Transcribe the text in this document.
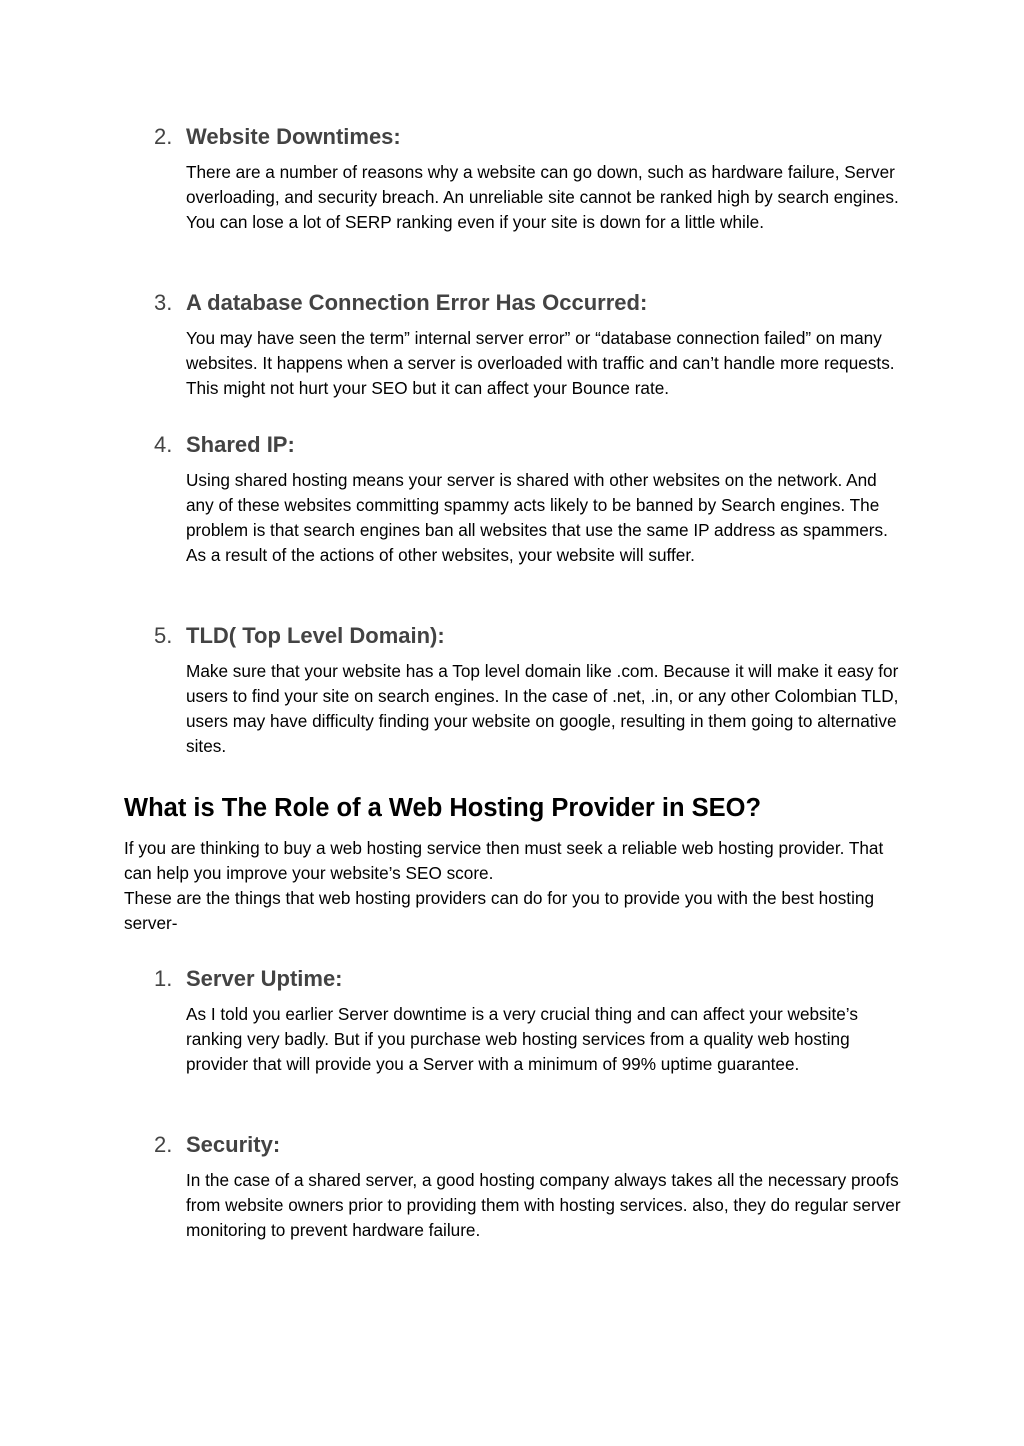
2. Website Downtimes:
There are a number of reasons why a website can go down, such as hardware failure, Server overloading, and security breach. An unreliable site cannot be ranked high by search engines. You can lose a lot of SERP ranking even if your site is down for a little while.
3. A database Connection Error Has Occurred:
You may have seen the term” internal server error” or “database connection failed” on many websites. It happens when a server is overloaded with traffic and can’t handle more requests. This might not hurt your SEO but it can affect your Bounce rate.
4. Shared IP:
Using shared hosting means your server is shared with other websites on the network. And any of these websites committing spammy acts likely to be banned by Search engines. The problem is that search engines ban all websites that use the same IP address as spammers. As a result of the actions of other websites, your website will suffer.
5. TLD( Top Level Domain):
Make sure that your website has a Top level domain like .com. Because it will make it easy for users to find your site on search engines. In the case of .net, .in, or any other Colombian TLD, users may have difficulty finding your website on google, resulting in them going to alternative sites.
What is The Role of a Web Hosting Provider in SEO?

If you are thinking to buy a web hosting service then must seek a reliable web hosting provider. That can help you improve your website’s SEO score.

These are the things that web hosting providers can do for you to provide you with the best hosting server-

1. Server Uptime:
As I told you earlier Server downtime is a very crucial thing and can affect your website’s ranking very badly. But if you purchase web hosting services from a quality web hosting provider that will provide you a Server with a minimum of 99% uptime guarantee.
2. Security:
In the case of a shared server, a good hosting company always takes all the necessary proofs from website owners prior to providing them with hosting services. also, they do regular server monitoring to prevent hardware failure.
